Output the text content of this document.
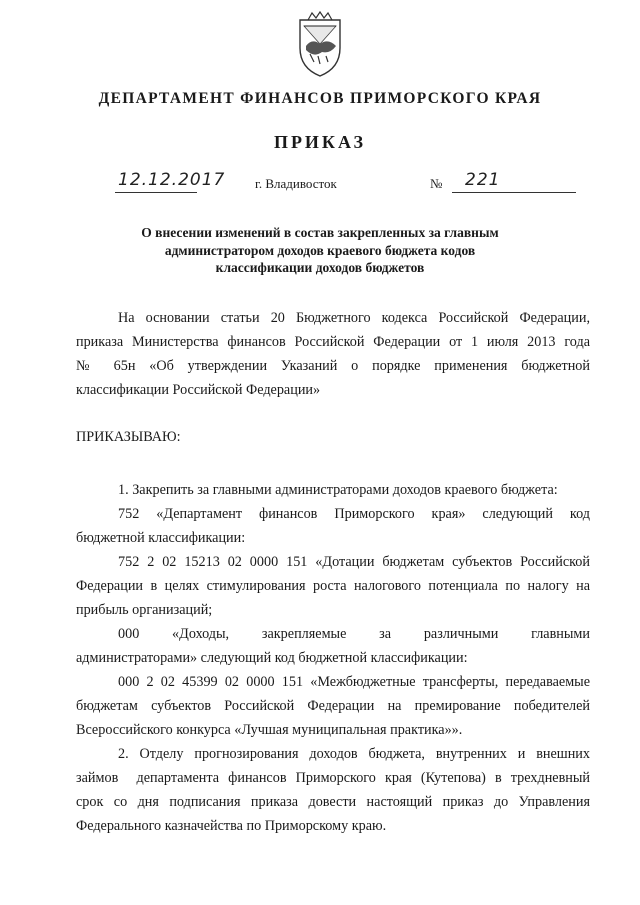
ДЕПАРТАМЕНТ ФИНАНСОВ ПРИМОРСКОГО КРАЯ
ПРИКАЗ
12.12.2017 г. Владивосток	№ 221
О внесении изменений в состав закрепленных за главным
администратором доходов краевого бюджета кодов
классификации доходов бюджетов
На основании статьи 20 Бюджетного кодекса Российской Федерации,
приказа Министерства финансов Российской Федерации от 1 июля 2013 года
№ 65н «Об утверждении Указаний о порядке применения бюджетной
классификации Российской Федерации»
ПРИКАЗЫВАЮ:
1. Закрепить за главными администраторами доходов краевого бюджета:
752  «Департамент  финансов  Приморского  края»  следующий  код
бюджетной классификации:
752 2 02 15213 02 0000 151 «Дотации бюджетам субъектов Российской
Федерации в целях стимулирования роста налогового потенциала по налогу на
прибыль организаций;
000      «Доходы,      закрепляемые      за      различными      главными
администраторами» следующий код бюджетной классификации:
000 2 02 45399 02 0000 151 «Межбюджетные трансферты, передаваемые
бюджетам субъектов Российской Федерации на премирование победителей
Всероссийского конкурса «Лучшая муниципальная практика»».
2. Отделу прогнозирования доходов бюджета, внутренних и внешних
займов  департамента финансов Приморского края (Кутепова) в трехдневный
срок со дня подписания приказа довести настоящий приказ до Управления
Федерального казначейства по Приморскому краю.
